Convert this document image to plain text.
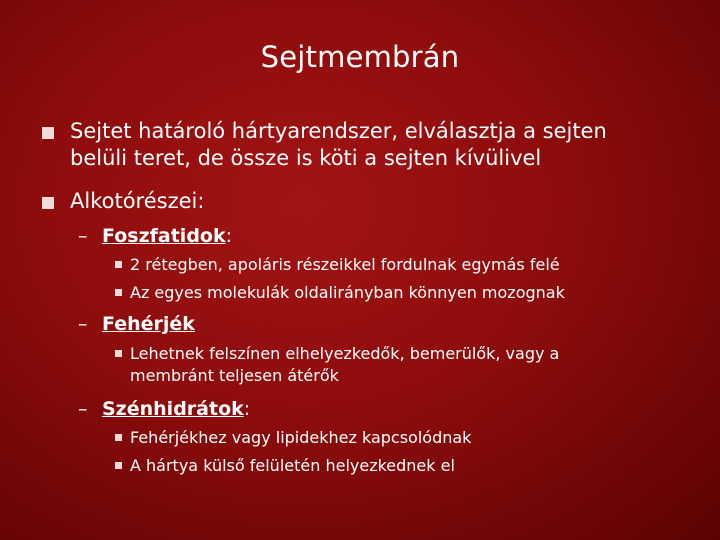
Sejtmembrán
Sejtet határoló hártyarendszer, elválasztja a sejten
belüli teret, de össze is köti a sejten kívülivel
Alkotórészei:
– Foszfatidok:
2 rétegben, apoláris részeikkel fordulnak egymás felé
Az egyes molekulák oldalirányban könnyen mozognak
– Fehérjék
Lehetnek felszínen elhelyezkedők, bemerülők, vagy a
membránt teljesen átérők
– Szénhidrátok:
Fehérjékhez vagy lipidekhez kapcsolódnak
A hártya külső felületén helyezkednek el
